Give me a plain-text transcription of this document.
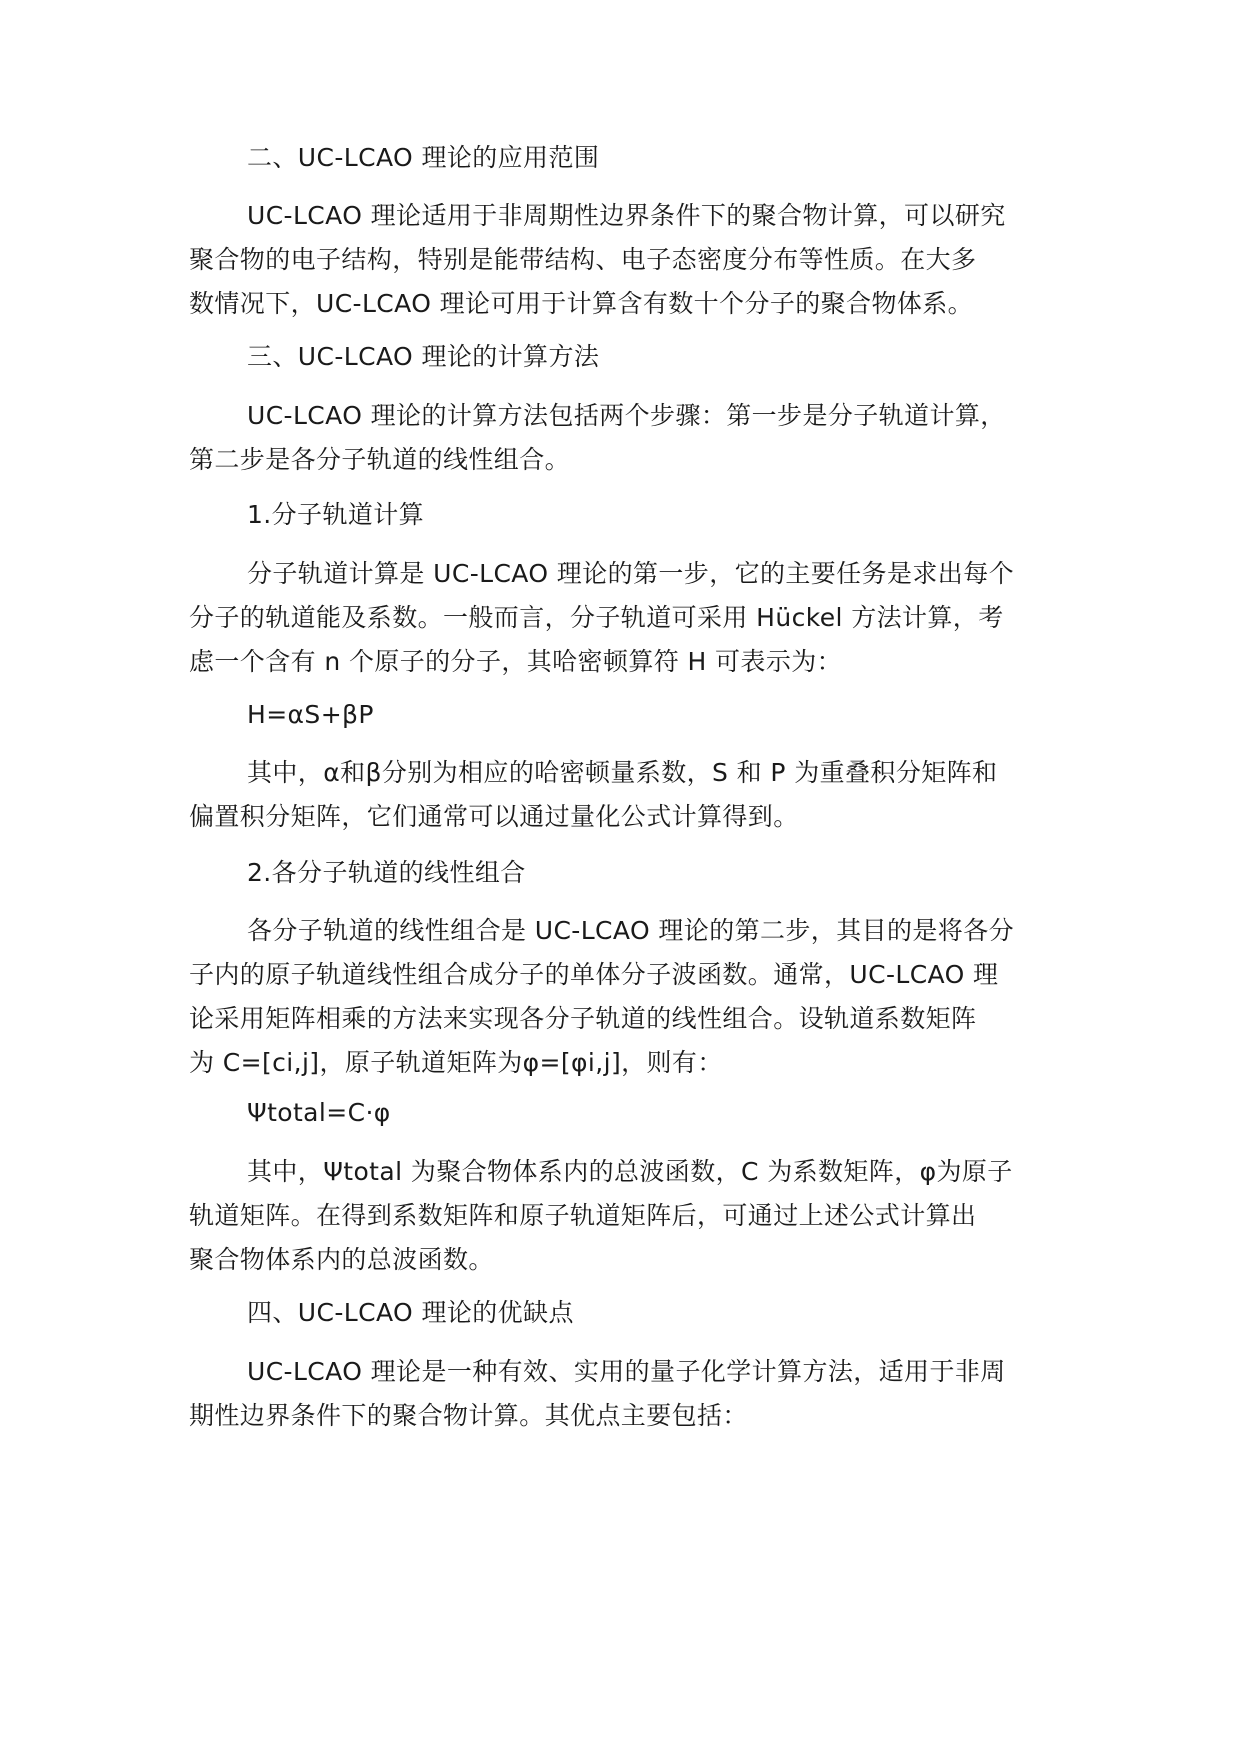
二、UC-LCAO 理论的应用范围
UC-LCAO 理论适用于非周期性边界条件下的聚合物计算，可以研究
聚合物的电子结构，特别是能带结构、电子态密度分布等性质。在大多
数情况下，UC-LCAO 理论可用于计算含有数十个分子的聚合物体系。
三、UC-LCAO 理论的计算方法
UC-LCAO 理论的计算方法包括两个步骤：第一步是分子轨道计算，
第二步是各分子轨道的线性组合。
1.分子轨道计算
分子轨道计算是 UC-LCAO 理论的第一步，它的主要任务是求出每个
分子的轨道能及系数。一般而言，分子轨道可采用 Hückel 方法计算，考
虑一个含有 n 个原子的分子，其哈密顿算符 H 可表示为：
H=αS+βP
其中，α和β分别为相应的哈密顿量系数，S 和 P 为重叠积分矩阵和
偏置积分矩阵，它们通常可以通过量化公式计算得到。
2.各分子轨道的线性组合
各分子轨道的线性组合是 UC-LCAO 理论的第二步，其目的是将各分
子内的原子轨道线性组合成分子的单体分子波函数。通常，UC-LCAO 理
论采用矩阵相乘的方法来实现各分子轨道的线性组合。设轨道系数矩阵
为 C=[ci,j]，原子轨道矩阵为φ=[φi,j]，则有：
Ψtotal=C·φ
其中，Ψtotal 为聚合物体系内的总波函数，C 为系数矩阵，φ为原子
轨道矩阵。在得到系数矩阵和原子轨道矩阵后，可通过上述公式计算出
聚合物体系内的总波函数。
四、UC-LCAO 理论的优缺点
UC-LCAO 理论是一种有效、实用的量子化学计算方法，适用于非周
期性边界条件下的聚合物计算。其优点主要包括：
